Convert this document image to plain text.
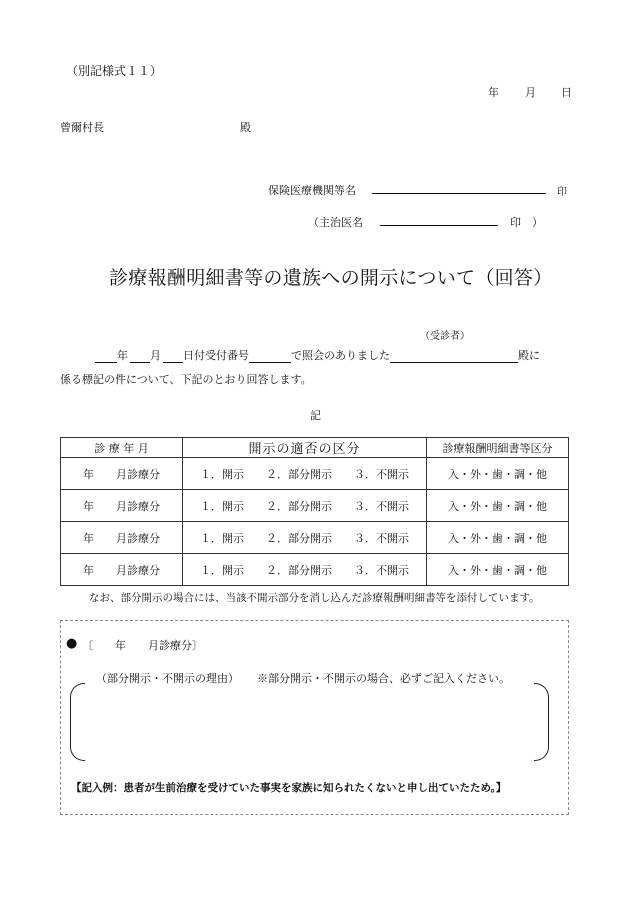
（別記様式１１）
年 月 日
曾爾村長	殿
保険医療機関等名	印
（主治医名	印　）
診療報酬明細書等の遺族への開示について（回答）
（受診者）
年 月 日付受付番号	で照会のありました	殿に
係る標記の件について、下記のとおり回答します。
記
診 療 年 月	開示の適否の区分	診療報酬明細書等区分
年　　月診療分	１．開示　　２．部分開示　　３．不開示	入・外・歯・調・他
年　　月診療分	１．開示　　２．部分開示　　３．不開示	入・外・歯・調・他
年　　月診療分	１．開示　　２．部分開示　　３．不開示	入・外・歯・調・他
年　　月診療分	１．開示　　２．部分開示　　３．不開示	入・外・歯・調・他
なお、部分開示の場合には、当該不開示部分を消し込んだ診療報酬明細書等を添付しています。
● 〔　　年　　月診療分〕
（部分開示・不開示の理由） ※部分開示・不開示の場合、必ずご記入ください。
【記入例：患者が生前治療を受けていた事実を家族に知られたくないと申し出ていたため。】
